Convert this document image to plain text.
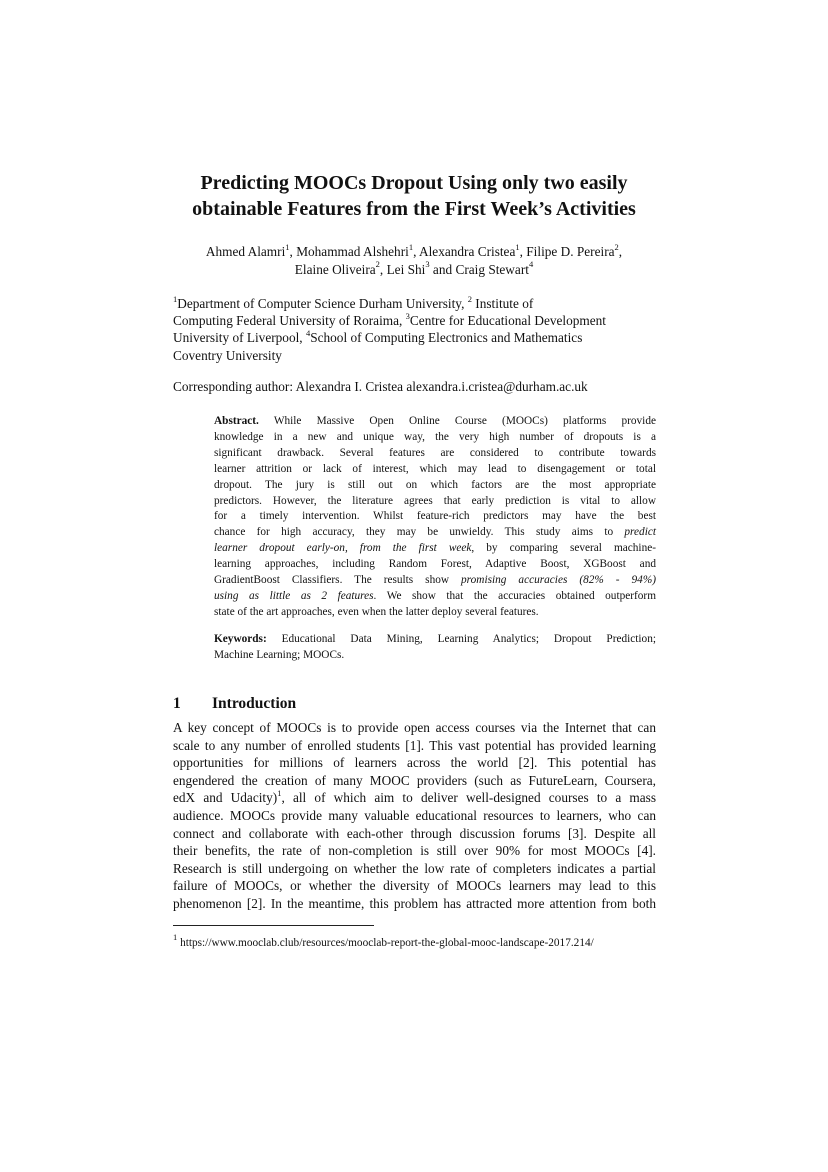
Predicting MOOCs Dropout Using only two easily
obtainable Features from the First Week’s Activities
Ahmed Alamri$^1$, Mohammad Alshehri$^1$, Alexandra Cristea$^1$, Filipe D. Pereira$^2$,
Elaine Oliveira$^2$, Lei Shi$^3$ and Craig Stewart$^4$
$^1$Department of Computer Science Durham University, $^2$ Institute of
Computing Federal University of Roraima, $^3$Centre for Educational Development
University of Liverpool, $^4$School of Computing Electronics and Mathematics
Coventry University
Corresponding author: Alexandra I. Cristea alexandra.i.cristea@durham.ac.uk
Abstract. While Massive Open Online Course (MOOCs) platforms provide
knowledge in a new and unique way, the very high number of dropouts is a
significant drawback. Several features are considered to contribute towards
learner attrition or lack of interest, which may lead to disengagement or total
dropout. The jury is still out on which factors are the most appropriate
predictors. However, the literature agrees that early prediction is vital to allow
for a timely intervention. Whilst feature-rich predictors may have the best
chance for high accuracy, they may be unwieldy. This study aims to predict
learner dropout early-on, from the first week, by comparing several machine-
learning approaches, including Random Forest, Adaptive Boost, XGBoost and
GradientBoost Classifiers. The results show promising accuracies (82% - 94%)
using as little as 2 features. We show that the accuracies obtained outperform
state of the art approaches, even when the latter deploy several features.
Keywords: Educational Data Mining, Learning Analytics; Dropout Prediction;
Machine Learning; MOOCs.
1 Introduction
A key concept of MOOCs is to provide open access courses via the Internet that can
scale to any number of enrolled students [1]. This vast potential has provided learning
opportunities for millions of learners across the world [2]. This potential has
engendered the creation of many MOOC providers (such as FutureLearn, Coursera,
edX and Udacity)$^1$, all of which aim to deliver well-designed courses to a mass
audience. MOOCs provide many valuable educational resources to learners, who can
connect and collaborate with each-other through discussion forums [3]. Despite all
their benefits, the rate of non-completion is still over 90% for most MOOCs [4].
Research is still undergoing on whether the low rate of completers indicates a partial
failure of MOOCs, or whether the diversity of MOOCs learners may lead to this
phenomenon [2]. In the meantime, this problem has attracted more attention from both
$^1$ https://www.mooclab.club/resources/mooclab-report-the-global-mooc-landscape-2017.214/
